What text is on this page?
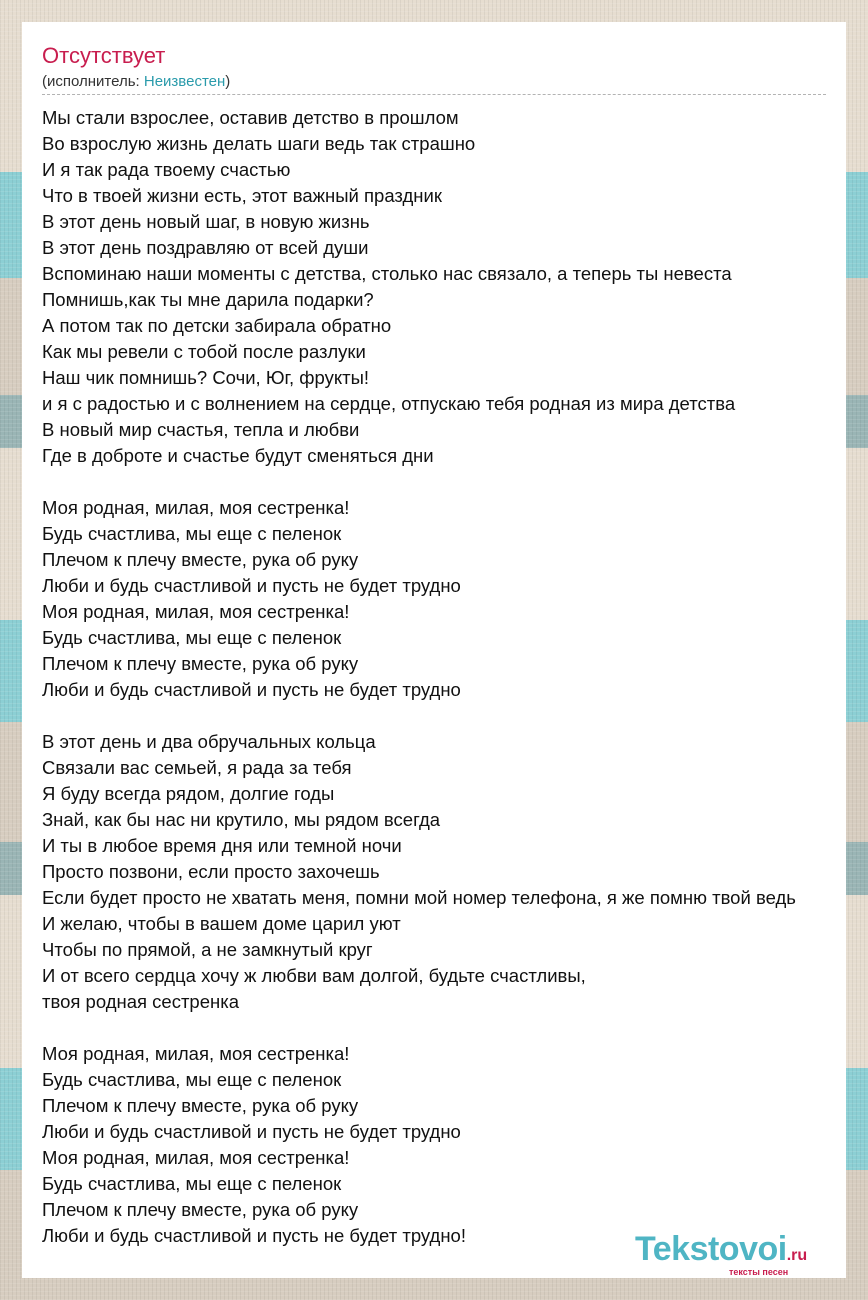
Отсутствует
(исполнитель: Неизвестен)
Мы стали взрослее, оставив детство в прошлом
Во взрослую жизнь делать шаги ведь так страшно
И я так рада твоему счастью
Что в твоей жизни есть, этот важный праздник
В этот день новый шаг, в новую жизнь
В этот день поздравляю от всей души
Вспоминаю наши моменты с детства, столько нас связало, а теперь ты невеста
Помнишь,как ты мне дарила подарки?
А потом так по детски забирала обратно
Как мы ревели с тобой после разлуки
Наш чик помнишь? Сочи, Юг, фрукты!
и я с радостью и с волнением на сердце, отпускаю тебя родная из мира детства
В новый мир счастья, тепла и любви
Где в доброте и счастье будут сменяться дни
Моя родная, милая, моя сестренка!
Будь счастлива, мы еще с пеленок
Плечом к плечу вместе, рука об руку
Люби и будь счастливой и пусть не будет трудно
Моя родная, милая, моя сестренка!
Будь счастлива, мы еще с пеленок
Плечом к плечу вместе, рука об руку
Люби и будь счастливой и пусть не будет трудно
В этот день и два обручальных кольца
Связали вас семьей, я рада за тебя
Я буду всегда рядом, долгие годы
Знай, как бы нас ни крутило, мы рядом всегда
И ты в любое время дня или темной ночи
Просто позвони, если просто захочешь
Если будет просто не хватать меня, помни мой номер телефона, я же помню твой ведь
И желаю, чтобы в вашем доме царил уют
Чтобы по прямой, а не замкнутый круг
И от всего сердца хочу ж любви вам долгой, будьте счастливы,
твоя родная сестренка
Моя родная, милая, моя сестренка!
Будь счастлива, мы еще с пеленок
Плечом к плечу вместе, рука об руку
Люби и будь счастливой и пусть не будет трудно
Моя родная, милая, моя сестренка!
Будь счастлива, мы еще с пеленок
Плечом к плечу вместе, рука об руку
Люби и будь счастливой и пусть не будет трудно!	Tekstovoi.ru
тексты песен
